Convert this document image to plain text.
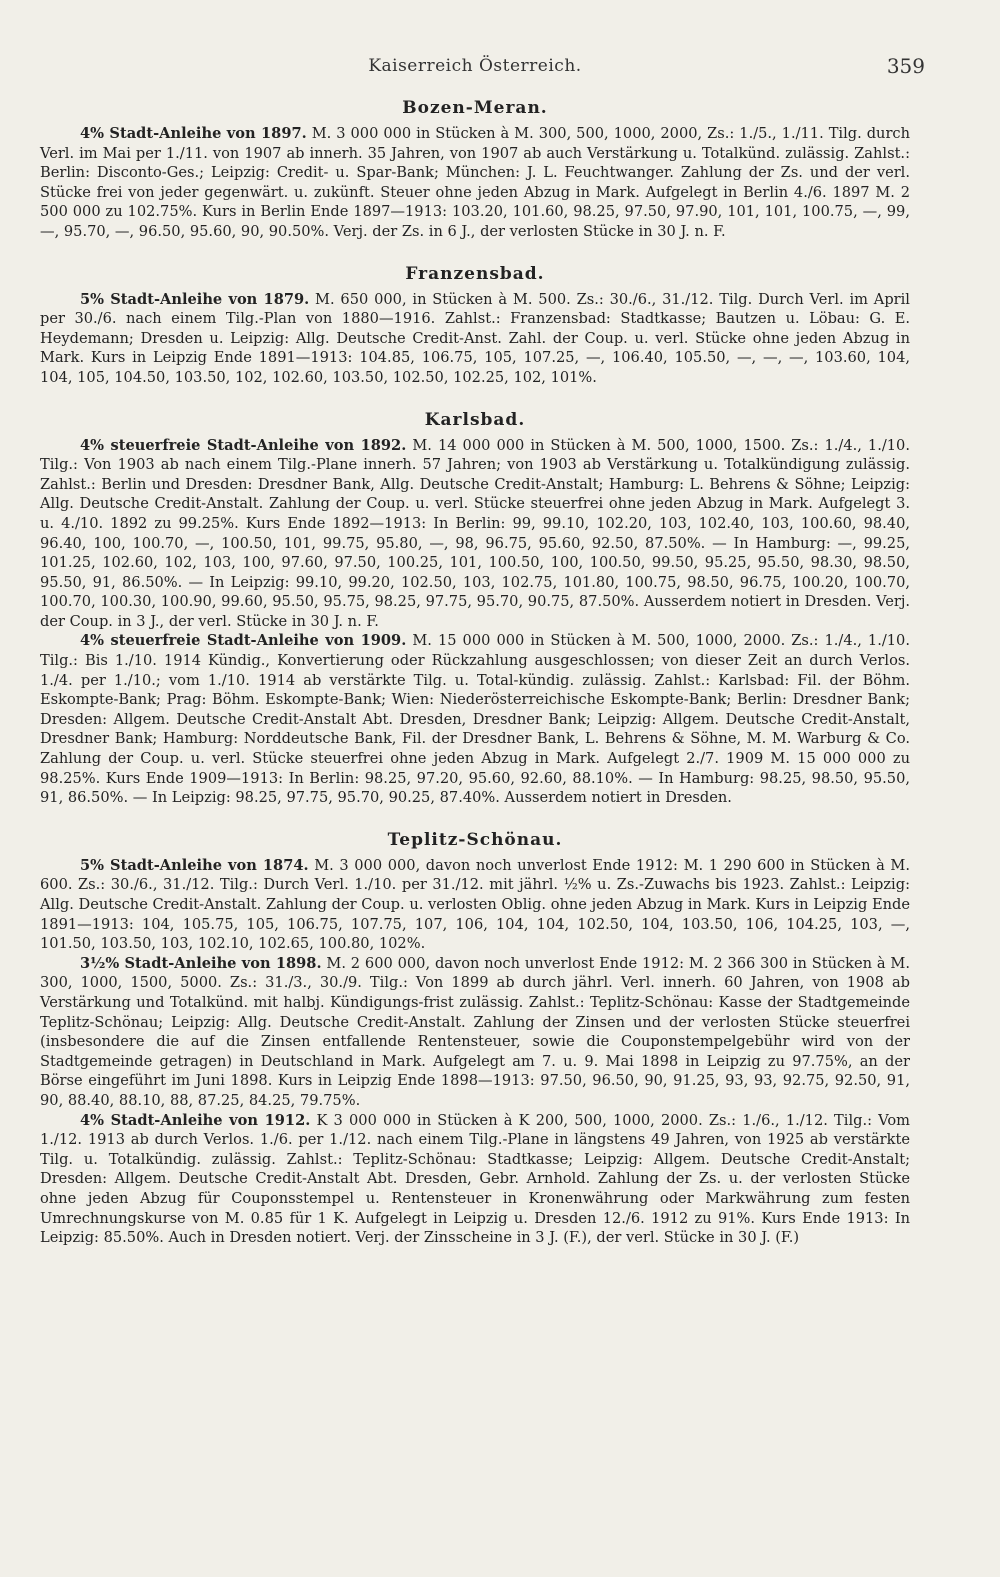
Kaiserreich Österreich.	359
Bozen-Meran.

4% Stadt-Anleihe von 1897. M. 3 000 000 in Stücken à M. 300, 500, 1000, 2000, Zs.: 1./5., 1./11. Tilg. durch Verl. im Mai per 1./11. von 1907 ab innerh. 35 Jahren, von 1907 ab auch Verstärkung u. Totalkünd. zulässig. Zahlst.: Berlin: Disconto-Ges.; Leipzig: Credit- u. Spar-Bank; München: J. L. Feuchtwanger. Zahlung der Zs. und der verl. Stücke frei von jeder gegenwärt. u. zukünft. Steuer ohne jeden Abzug in Mark. Aufgelegt in Berlin 4./6. 1897 M. 2 500 000 zu 102.75%. Kurs in Berlin Ende 1897—1913: 103.20, 101.60, 98.25, 97.50, 97.90, 101, 101, 100.75, —, 99, —, 95.70, —, 96.50, 95.60, 90, 90.50%. Verj. der Zs. in 6 J., der verlosten Stücke in 30 J. n. F.

Franzensbad.

5% Stadt-Anleihe von 1879. M. 650 000, in Stücken à M. 500. Zs.: 30./6., 31./12. Tilg. Durch Verl. im April per 30./6. nach einem Tilg.-Plan von 1880—1916. Zahlst.: Franzensbad: Stadtkasse; Bautzen u. Löbau: G. E. Heydemann; Dresden u. Leipzig: Allg. Deutsche Credit-Anst. Zahl. der Coup. u. verl. Stücke ohne jeden Abzug in Mark. Kurs in Leipzig Ende 1891—1913: 104.85, 106.75, 105, 107.25, —, 106.40, 105.50, —, —, —, 103.60, 104, 104, 105, 104.50, 103.50, 102, 102.60, 103.50, 102.50, 102.25, 102, 101%.

Karlsbad.

4% steuerfreie Stadt-Anleihe von 1892. M. 14 000 000 in Stücken à M. 500, 1000, 1500. Zs.: 1./4., 1./10. Tilg.: Von 1903 ab nach einem Tilg.-Plane innerh. 57 Jahren; von 1903 ab Verstärkung u. Totalkündigung zulässig. Zahlst.: Berlin und Dresden: Dresdner Bank, Allg. Deutsche Credit-Anstalt; Hamburg: L. Behrens & Söhne; Leipzig: Allg. Deutsche Credit-Anstalt. Zahlung der Coup. u. verl. Stücke steuerfrei ohne jeden Abzug in Mark. Aufgelegt 3. u. 4./10. 1892 zu 99.25%. Kurs Ende 1892—1913: In Berlin: 99, 99.10, 102.20, 103, 102.40, 103, 100.60, 98.40, 96.40, 100, 100.70, —, 100.50, 101, 99.75, 95.80, —, 98, 96.75, 95.60, 92.50, 87.50%. — In Hamburg: —, 99.25, 101.25, 102.60, 102, 103, 100, 97.60, 97.50, 100.25, 101, 100.50, 100, 100.50, 99.50, 95.25, 95.50, 98.30, 98.50, 95.50, 91, 86.50%. — In Leipzig: 99.10, 99.20, 102.50, 103, 102.75, 101.80, 100.75, 98.50, 96.75, 100.20, 100.70, 100.70, 100.30, 100.90, 99.60, 95.50, 95.75, 98.25, 97.75, 95.70, 90.75, 87.50%. Ausserdem notiert in Dresden. Verj. der Coup. in 3 J., der verl. Stücke in 30 J. n. F.

4% steuerfreie Stadt-Anleihe von 1909. M. 15 000 000 in Stücken à M. 500, 1000, 2000. Zs.: 1./4., 1./10. Tilg.: Bis 1./10. 1914 Kündig., Konvertierung oder Rückzahlung ausgeschlossen; von dieser Zeit an durch Verlos. 1./4. per 1./10.; vom 1./10. 1914 ab verstärkte Tilg. u. Total-kündig. zulässig. Zahlst.: Karlsbad: Fil. der Böhm. Eskompte-Bank; Prag: Böhm. Eskompte-Bank; Wien: Niederösterreichische Eskompte-Bank; Berlin: Dresdner Bank; Dresden: Allgem. Deutsche Credit-Anstalt Abt. Dresden, Dresdner Bank; Leipzig: Allgem. Deutsche Credit-Anstalt, Dresdner Bank; Hamburg: Norddeutsche Bank, Fil. der Dresdner Bank, L. Behrens & Söhne, M. M. Warburg & Co. Zahlung der Coup. u. verl. Stücke steuerfrei ohne jeden Abzug in Mark. Aufgelegt 2./7. 1909 M. 15 000 000 zu 98.25%. Kurs Ende 1909—1913: In Berlin: 98.25, 97.20, 95.60, 92.60, 88.10%. — In Hamburg: 98.25, 98.50, 95.50, 91, 86.50%. — In Leipzig: 98.25, 97.75, 95.70, 90.25, 87.40%. Ausserdem notiert in Dresden.

Teplitz-Schönau.

5% Stadt-Anleihe von 1874. M. 3 000 000, davon noch unverlost Ende 1912: M. 1 290 600 in Stücken à M. 600. Zs.: 30./6., 31./12. Tilg.: Durch Verl. 1./10. per 31./12. mit jährl. ½% u. Zs.-Zuwachs bis 1923. Zahlst.: Leipzig: Allg. Deutsche Credit-Anstalt. Zahlung der Coup. u. verlosten Oblig. ohne jeden Abzug in Mark. Kurs in Leipzig Ende 1891—1913: 104, 105.75, 105, 106.75, 107.75, 107, 106, 104, 104, 102.50, 104, 103.50, 106, 104.25, 103, —, 101.50, 103.50, 103, 102.10, 102.65, 100.80, 102%.

3½% Stadt-Anleihe von 1898. M. 2 600 000, davon noch unverlost Ende 1912: M. 2 366 300 in Stücken à M. 300, 1000, 1500, 5000. Zs.: 31./3., 30./9. Tilg.: Von 1899 ab durch jährl. Verl. innerh. 60 Jahren, von 1908 ab Verstärkung und Totalkünd. mit halbj. Kündigungs-frist zulässig. Zahlst.: Teplitz-Schönau: Kasse der Stadtgemeinde Teplitz-Schönau; Leipzig: Allg. Deutsche Credit-Anstalt. Zahlung der Zinsen und der verlosten Stücke steuerfrei (insbesondere die auf die Zinsen entfallende Rentensteuer, sowie die Couponstempelgebühr wird von der Stadtgemeinde getragen) in Deutschland in Mark. Aufgelegt am 7. u. 9. Mai 1898 in Leipzig zu 97.75%, an der Börse eingeführt im Juni 1898. Kurs in Leipzig Ende 1898—1913: 97.50, 96.50, 90, 91.25, 93, 93, 92.75, 92.50, 91, 90, 88.40, 88.10, 88, 87.25, 84.25, 79.75%.

4% Stadt-Anleihe von 1912. K 3 000 000 in Stücken à K 200, 500, 1000, 2000. Zs.: 1./6., 1./12. Tilg.: Vom 1./12. 1913 ab durch Verlos. 1./6. per 1./12. nach einem Tilg.-Plane in längstens 49 Jahren, von 1925 ab verstärkte Tilg. u. Totalkündig. zulässig. Zahlst.: Teplitz-Schönau: Stadtkasse; Leipzig: Allgem. Deutsche Credit-Anstalt; Dresden: Allgem. Deutsche Credit-Anstalt Abt. Dresden, Gebr. Arnhold. Zahlung der Zs. u. der verlosten Stücke ohne jeden Abzug für Couponsstempel u. Rentensteuer in Kronenwährung oder Markwährung zum festen Umrechnungskurse von M. 0.85 für 1 K. Aufgelegt in Leipzig u. Dresden 12./6. 1912 zu 91%. Kurs Ende 1913: In Leipzig: 85.50%. Auch in Dresden notiert. Verj. der Zinsscheine in 3 J. (F.), der verl. Stücke in 30 J. (F.)
